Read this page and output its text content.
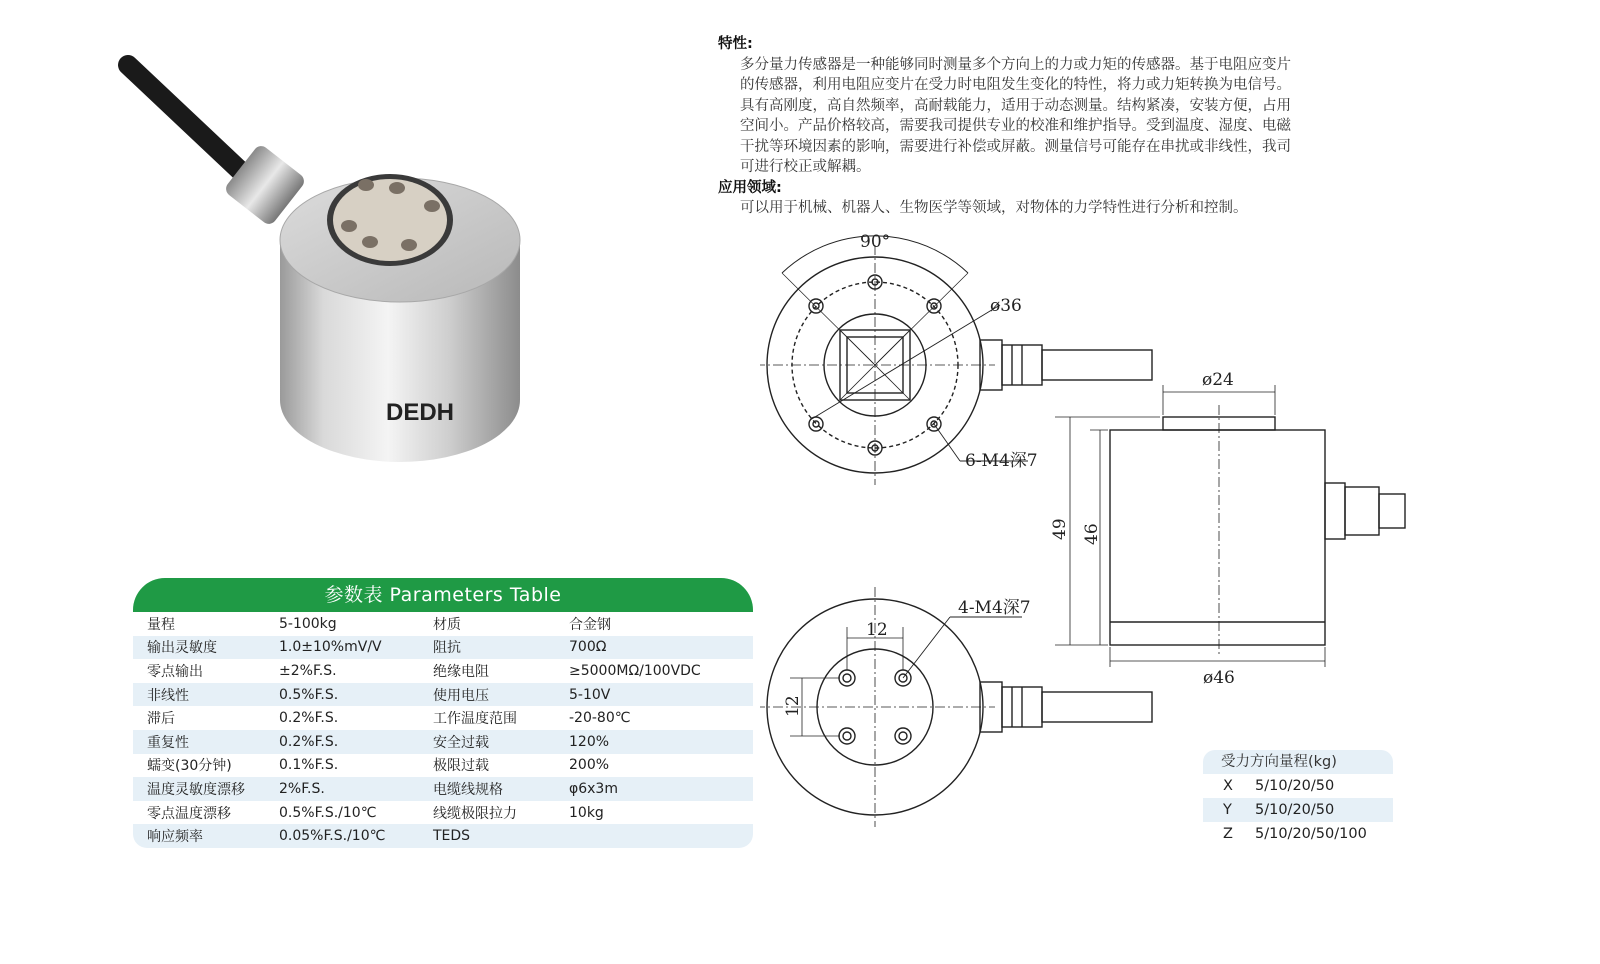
DEDH
特性:
多分量力传感器是一种能够同时测量多个方向上的力或力矩的传感器。基于电阻应变片
的传感器，利用电阻应变片在受力时电阻发生变化的特性，将力或力矩转换为电信号。
具有高刚度，高自然频率，高耐载能力，适用于动态测量。结构紧凑，安装方便，占用
空间小。产品价格较高，需要我司提供专业的校准和维护指导。受到温度、湿度、电磁
干扰等环境因素的影响，需要进行补偿或屏蔽。测量信号可能存在串扰或非线性，我司
可进行校正或解耦。
应用领域:
可以用于机械、机器人、生物医学等领域，对物体的力学特性进行分析和控制。
90°
ø36
6-M4深7
ø24
49 46
ø46
12
12
4-M4深7
参数表 Parameters Table
量程	5-100kg	材质	合金钢
输出灵敏度	1.0±10%mV/V	阻抗	700Ω
零点输出	±2%F.S.	绝缘电阻	≥5000MΩ/100VDC
非线性	0.5%F.S.	使用电压	5-10V
滞后	0.2%F.S.	工作温度范围	-20-80℃
重复性	0.2%F.S.	安全过载	120%
蠕变(30分钟)	0.1%F.S.	极限过载	200%
温度灵敏度漂移	2%F.S.	电缆线规格	φ6x3m
零点温度漂移	0.5%F.S./10℃	线缆极限拉力	10kg
响应频率	0.05%F.S./10℃	TEDS	
受力方向量程(kg)
X	5/10/20/50
Y	5/10/20/50
Z	5/10/20/50/100
